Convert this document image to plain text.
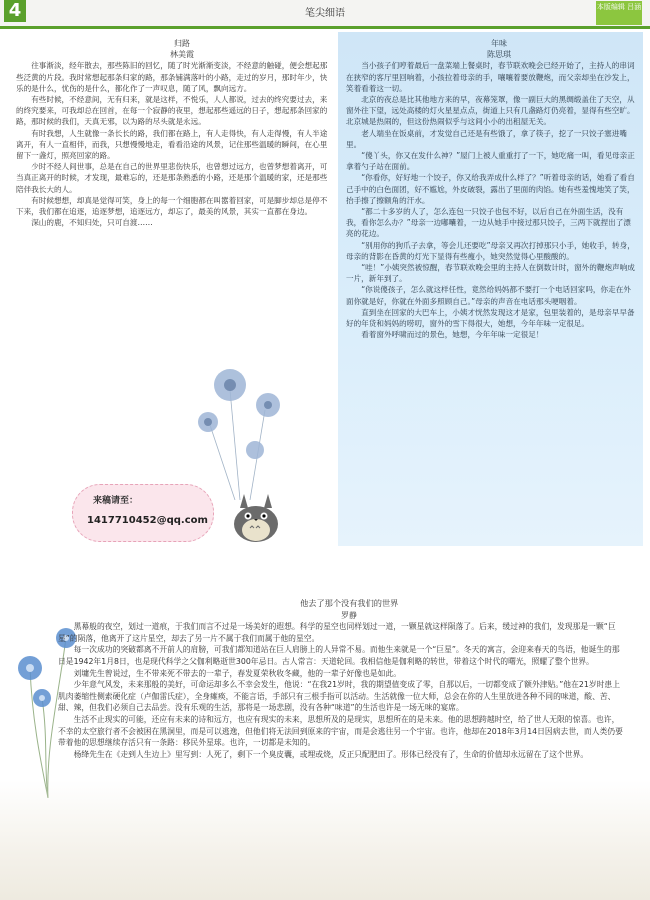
4	笔尖细语
本版编辑 吕涵

归路

林美霞

往事渐淡，经年散去，那些陈旧的回忆，随了时光渐渐变淡，不经意的触碰，便会想起那些泛黄的片段。我时常想起那条归家的路，那条铺满落叶的小路，走过的岁月，那时年少，快乐的是什么，忧伤的是什么，都化作了一声叹息，随了风，飘向远方。

有些时候，不经意间，无有归来，就是这样，不悦乐，人人都说，过去的终究要过去，来的终究要来，可我却总在回首，在每一个寂静的夜里，想起那些遥远的日子，想起那条回家的路，那时候的我们，天真无邪，以为路的尽头就是永远。

有时我想，人生就像一条长长的路，我们都在路上，有人走得快，有人走得慢，有人半途离开，有人一直相伴，而我，只想慢慢地走，看看沿途的风景，记住那些温暖的瞬间，在心里留下一盏灯，照亮回家的路。

少时不经人间世事，总是在自己的世界里悲伤快乐，也曾想过远方，也曾梦想着离开，可当真正离开的时候，才发现，最难忘的，还是那条熟悉的小路，还是那个温暖的家，还是那些陪伴我长大的人。

有时候想想，却真是觉得可笑，身上的每一个细胞都在叫嚣着回家，可是脚步却总是停不下来，我们都在追逐，追逐梦想，追逐远方，却忘了，最美的风景，其实一直都在身边。

深山的鹿，不知归处，只可自渡……

年味

陈思琪

当小孩子们哼着最后一盘菜端上餐桌时，春节联欢晚会已经开始了，主持人的串词在狭窄的客厅里回响着，小孩拉着母亲的手，嚷嚷着要放鞭炮，而父亲却坐在沙发上，笑着看着这一切。

北京的夜总是比其他地方来的早，夜幕笼罩，像一副巨大的黑绸缎盖住了天空，从窗外往下望，远处高楼的灯火星星点点，街道上只有几盏路灯仍亮着，显得有些空旷。北京城是热闹的，但这份热闹似乎与这间小小的出租屋无关。

老人端坐在饭桌前，才发觉自己还是有些饿了，拿了筷子，挖了一只饺子塞进嘴里。

“傻丫头，你又在发什么神？”屋门上被人重重打了一下，她吃痛一叫，看见母亲正拿着勺子站在面前。

“你看你，好好地一个饺子，你又给我弄成什么样了？”听着母亲的话，她看了看自己手中的白色面团，好不尴尬，外皮破裂，露出了里面的肉馅。她有些羞愧地笑了笑，抬手擦了擦额角的汗水。

“都二十多岁的人了，怎么连包一只饺子也包不好，以后自己在外面生活，没有我，看你怎么办？”母亲一边嘟囔着，一边从她手中接过那只饺子，三两下就捏出了漂亮的花边。

“别用你的狗爪子去拿，等会儿还要吃”母亲又再次打掉那只小手，她收手，转身，母亲的背影在昏黄的灯光下显得有些瘦小，她突然觉得心里酸酸的。

“哇！”小姨突然被惊醒，春节联欢晚会里的主持人在倒数计时，窗外的鞭炮声响成一片，新年到了。

“你说傻孩子，怎么就这样任性，竟然给妈妈都不要打一个电话回家吗，你走在外面你就是好，你就在外面多照顾自己。”母亲的声音在电话那头哽咽着。

直到坐在回家的大巴车上，小姨才恍然发现这才是家，包里装着的，是母亲早早备好的年货和妈妈的唠叨，窗外的雪下得很大，她想，今年年味一定很足。

看着窗外呼啸而过的景色，她想，今年年味一定很足！

来稿请至：
1417710452@qq.com

他去了那个没有我们的世界

罗静

黑幕般的夜空，划过一道痕，于我们而言不过是一场美好的遐想。科学的星空也同样划过一道，一颗星就这样陨落了。后来，缓过神的我们，发现那是一颗“巨星”的陨落，他离开了这片星空，却去了另一片不属于我们而属于他的星空。

每一次成功的突破都离不开前人的肩膀，可我们都知道站在巨人肩膀上的人异常不易。而他生来就是一个“巨星”。冬天的寓言，会迎来春天的鸟语，他诞生的那日是1942年1月8日，也是现代科学之父伽利略逝世300年忌日。古人常言：天道轮回。我相信他是伽利略的转世，带着这个时代的曙光，照耀了整个世界。

刘墉先生曾说过，生不带来死不带去的一辈子，春发夏荣秋收冬藏，他的一辈子好像也是如此。

少年意气风发，未来那般的美好，可命运却多么不幸会发生，他说：“在我21岁时，我的期望值变成了零，自那以后，一切都变成了额外津贴。”他在21岁时患上肌肉萎缩性侧索硬化症（卢伽雷氏症），全身瘫痪，不能言语，手部只有三根手指可以活动。生活就像一位大师，总会在你的人生里放进各种不同的味道，酸、苦、甜、辣，但我们必须自己去品尝。没有乐观的生活，那将是一场悲剧，没有各种“味道”的生活也许是一场无味的宴席。

生活不止现实的可能，还应有未来的诗和远方，也应有现实的未来，思想所及的是现实，思想所在的是未来。他的思想跨越时空，给了世人无限的惊喜。也许，不幸的太空旅行者不会被困在黑洞里，而是可以逃逸，但他们将无法回到原来的宇宙，而是会逃往另一个宇宙。也许，他却在2018年3月14日因病去世，而人类仍要带着他的思想继续存活只有一条路：移民外星球。也许，一切都是未知的。

杨绛先生在《走到人生边上》里写到：人死了，剩下一个臭皮囊，或埋或烧，反正只配肥田了。形体已经没有了，生命的价值却永远留在了这个世界。
